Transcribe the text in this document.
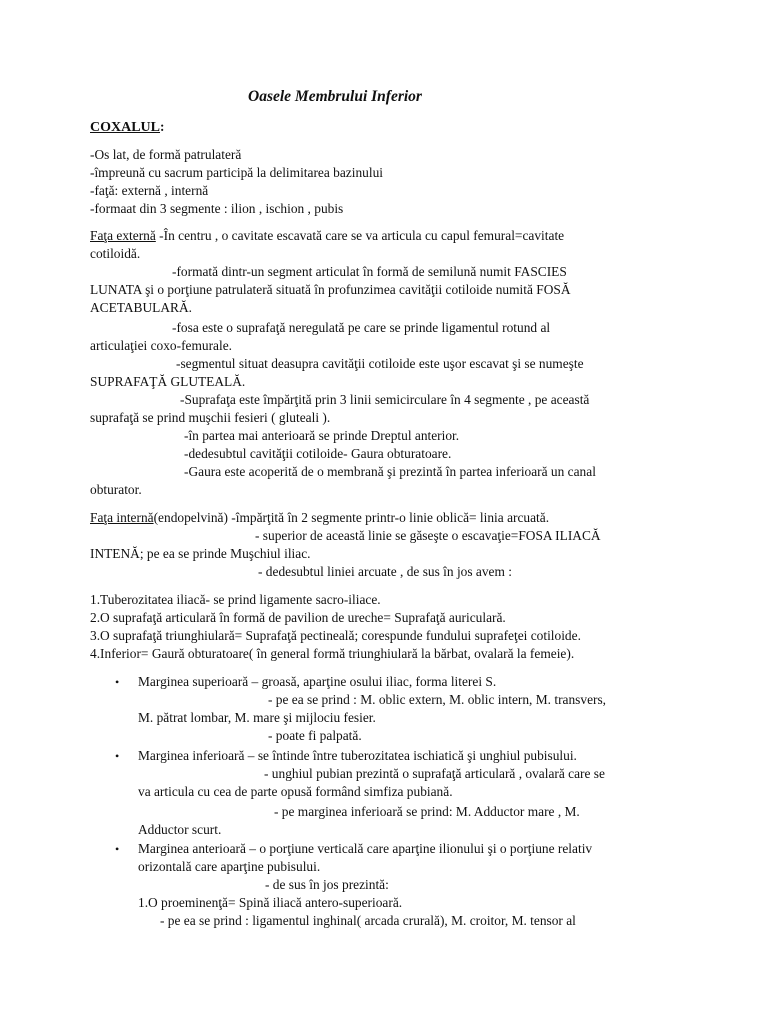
Oasele Membrului Inferior
COXALUL:
-Os lat, de formă patrulateră
-împreună cu sacrum participă la delimitarea bazinului
-faţă: externă , internă
-formaat din 3 segmente : ilion , ischion , pubis
Faţa externă -În centru , o cavitate escavată care se va articula cu capul femural=cavitate
cotiloidă.
-formată dintr-un segment articulat în formă de semilună numit FASCIES
LUNATA şi o porţiune patrulateră situată în profunzimea cavităţii cotiloide numită FOSĂ
ACETABULARĂ.
-fosa este o suprafaţă neregulată pe care se prinde ligamentul rotund al
articulaţiei coxo-femurale.
-segmentul situat deasupra cavităţii cotiloide este uşor escavat şi se numeşte
SUPRAFAŢĂ GLUTEALĂ.
-Suprafaţa este împărţită prin 3 linii semicirculare în 4 segmente , pe această
suprafaţă se prind muşchii fesieri ( gluteali ).
-în partea mai anterioară se prinde Dreptul anterior.
-dedesubtul cavităţii cotiloide- Gaura obturatoare.
-Gaura este acoperită de o membrană şi prezintă în partea inferioară un canal
obturator.
Faţa internă(endopelvină) -împărţită în 2 segmente printr-o linie oblică= linia arcuată.
- superior de această linie se găseşte o escavaţie=FOSA ILIACĂ
INTENĂ; pe ea se prinde Muşchiul iliac.
- dedesubtul liniei arcuate , de sus în jos avem :
1.Tuberozitatea iliacă- se prind ligamente sacro-iliace.
2.O suprafaţă articulară în formă de pavilion de ureche= Suprafaţă auriculară.
3.O suprafaţă triunghiulară= Suprafaţă pectineală; corespunde fundului suprafeţei cotiloide.
4.Inferior= Gaură obturatoare( în general formă triunghiulară la bărbat, ovalară la femeie).
• Marginea superioară – groasă, aparţine osului iliac, forma literei S.
- pe ea se prind : M. oblic extern, M. oblic intern, M. transvers,
M. pătrat lombar, M. mare şi mijlociu fesier.
- poate fi palpată.
• Marginea inferioară – se întinde între tuberozitatea ischiatică şi unghiul pubisului.
- unghiul pubian prezintă o suprafaţă articulară , ovalară care se
va articula cu cea de parte opusă formând simfiza pubiană.
- pe marginea inferioară se prind: M. Adductor mare , M.
Adductor scurt.
• Marginea anterioară – o porţiune verticală care aparţine ilionului şi o porţiune relativ
orizontală care aparţine pubisului.
- de sus în jos prezintă:
1.O proeminenţă= Spină iliacă antero-superioară.
- pe ea se prind : ligamentul inghinal( arcada crurală), M. croitor, M. tensor al
